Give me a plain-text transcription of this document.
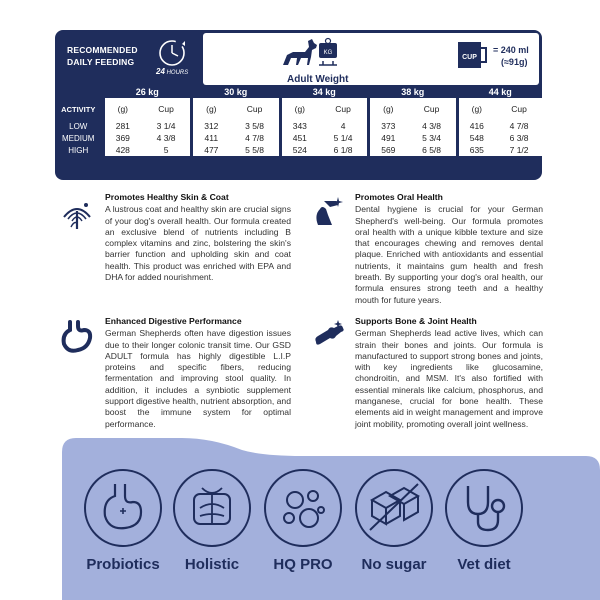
RECOMMENDED
DAILY FEEDING
24 HOURS
KG
Adult Weight
CUP
= 240 ml
(≈91g)
	26 kg		30 kg		34 kg		38 kg		44 kg	
ACTIVITY	(g)	Cup	(g)	Cup	(g)	Cup	(g)	Cup	(g)	Cup
LOW	281	3 1/4	312	3 5/8	343	4	373	4 3/8	416	4 7/8
MEDIUM	369	4 3/8	411	4 7/8	451	5 1/4	491	5 3/4	548	6 3/8
HIGH	428	5	477	5 5/8	524	6 1/8	569	6 5/8	635	7 1/2
Promotes Healthy Skin & Coat

A lustrous coat and healthy skin are crucial signs of your dog's overall health. Our formula created an exclusive blend of nutrients including B complex vitamins and zinc, bolstering the skin's barrier function and upholding skin and coat health. This product was enriched with EPA and DHA for added nourishment.

Promotes Oral Health

Dental hygiene is crucial for your German Shepherd's well-being. Our formula promotes oral health with a unique kibble texture and size that encourages chewing and removes dental plaque. Enriched with antioxidants and essential nutrients, it maintains gum health and fresh breath. By supporting your dog's oral health, our formula ensures strong teeth and a healthy mouth for future years.

Enhanced Digestive Performance

German Shepherds often have digestion issues due to their longer colonic transit time. Our GSD ADULT formula has highly digestible L.I.P proteins and specific fibers, reducing fermentation and improving stool quality. In addition, it includes a synbiotic supplement support digestive health, nutrient absorption, and boost the immune system for optimal performance.

Supports Bone & Joint Health

German Shepherds lead active lives, which can strain their bones and joints. Our formula is manufactured to support strong bones and joints, with key ingredients like glucosamine, chondroitin, and MSM. It's also fortified with essential minerals like calcium, phosphorus, and manganese, crucial for bone health. These elements aid in weight management and improve joint mobility, promoting overall joint wellness.

Probiotics	Holistic	HQ PRO	No sugar	Vet diet
